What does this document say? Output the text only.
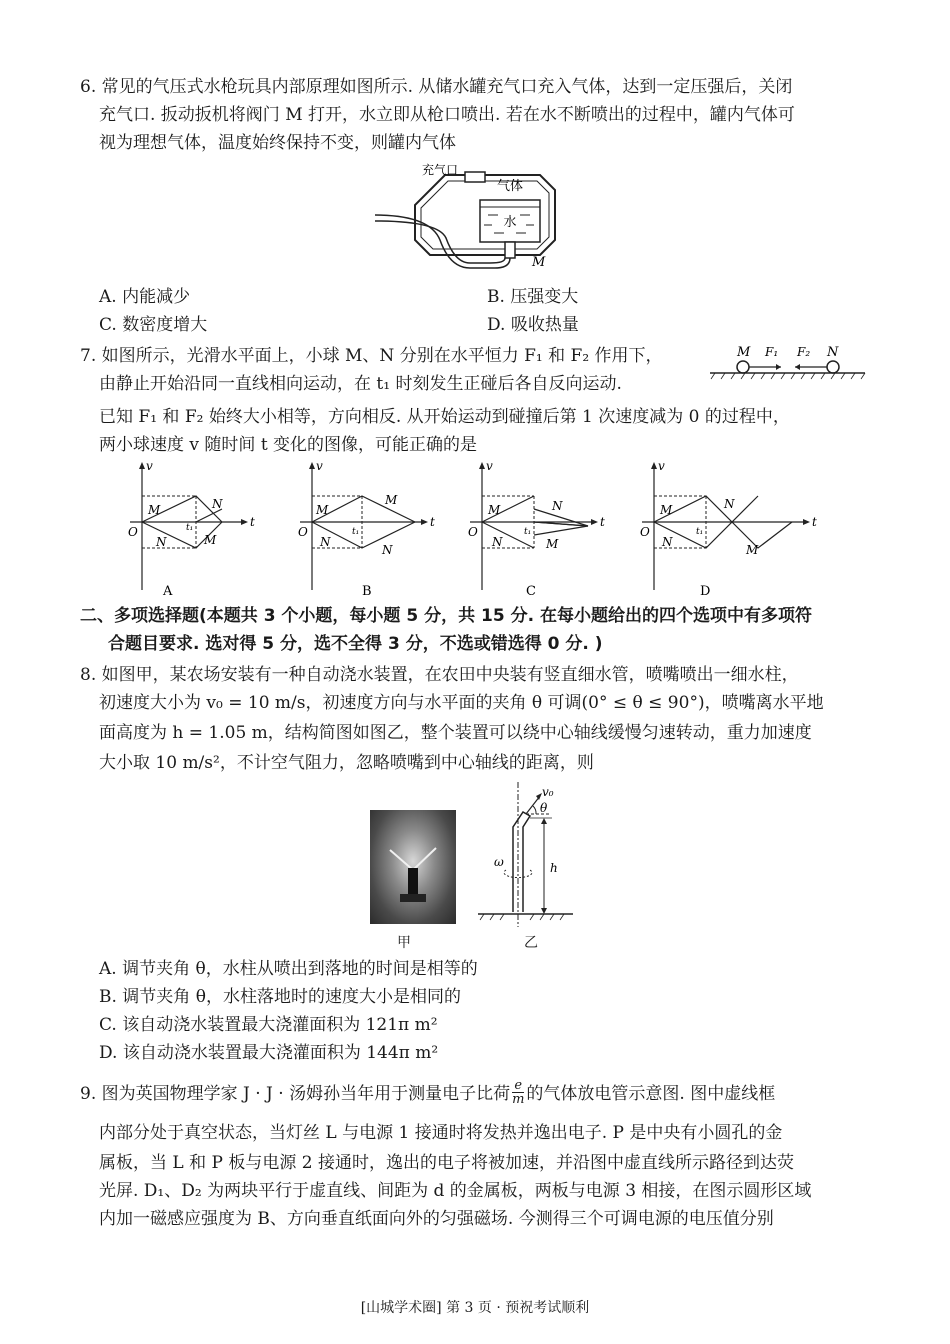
6. 常见的气压式水枪玩具内部原理如图所示. 从储水罐充气口充入气体，达到一定压强后，关闭
充气口. 扳动扳机将阀门 M 打开，水立即从枪口喷出. 若在水不断喷出的过程中，罐内气体可
视为理想气体，温度始终保持不变，则罐内气体
气体
水
充气口
M
A. 内能减少	B. 压强变大
C. 数密度增大	D. 吸收热量
7. 如图所示，光滑水平面上，小球 M、N 分别在水平恒力 F₁ 和 F₂ 作用下，
由静止开始沿同一直线相向运动，在 t₁ 时刻发生正碰后各自反向运动.
已知 F₁ 和 F₂ 始终大小相等，方向相反. 从开始运动到碰撞后第 1 次速度减为 0 的过程中，
两小球速度 v 随时间 t 变化的图像，可能正确的是
M F₁ F₂ N
v
t
O
M	N
N	M
t₁
A
v
t
O
M
M
N
N
t₁
B
v
t
O
M	N
N	M
t₁
C
v
t
O
M	N
N
M
t₁
D
二、多项选择题(本题共 3 个小题，每小题 5 分，共 15 分. 在每小题给出的四个选项中有多项符
合题目要求. 选对得 5 分，选不全得 3 分，不选或错选得 0 分. )
8. 如图甲，某农场安装有一种自动浇水装置，在农田中央装有竖直细水管，喷嘴喷出一细水柱，
初速度大小为 v₀ = 10 m/s，初速度方向与水平面的夹角 θ 可调(0° ≤ θ ≤ 90°)，喷嘴离水平地
面高度为 h = 1.05 m，结构简图如图乙，整个装置可以绕中心轴线缓慢匀速转动，重力加速度
大小取 10 m/s²，不计空气阻力，忽略喷嘴到中心轴线的距离，则
甲
v₀
θ
h
ω
乙
A. 调节夹角 θ，水柱从喷出到落地的时间是相等的
B. 调节夹角 θ，水柱落地时的速度大小是相同的
C. 该自动浇水装置最大浇灌面积为 121π m²
D. 该自动浇水装置最大浇灌面积为 144π m²
9. 图为英国物理学家 J · J · 汤姆孙当年用于测量电子比荷 $\frac{e}{m}$ 的气体放电管示意图. 图中虚线框
内部分处于真空状态，当灯丝 L 与电源 1 接通时将发热并逸出电子. P 是中央有小圆孔的金
属板，当 L 和 P 板与电源 2 接通时，逸出的电子将被加速，并沿图中虚直线所示路径到达荧
光屏. D₁、D₂ 为两块平行于虚直线、间距为 d 的金属板，两板与电源 3 相接，在图示圆形区域
内加一磁感应强度为 B、方向垂直纸面向外的匀强磁场. 今测得三个可调电源的电压值分别
[山城学术圈] 第 3 页 · 预祝考试顺利
